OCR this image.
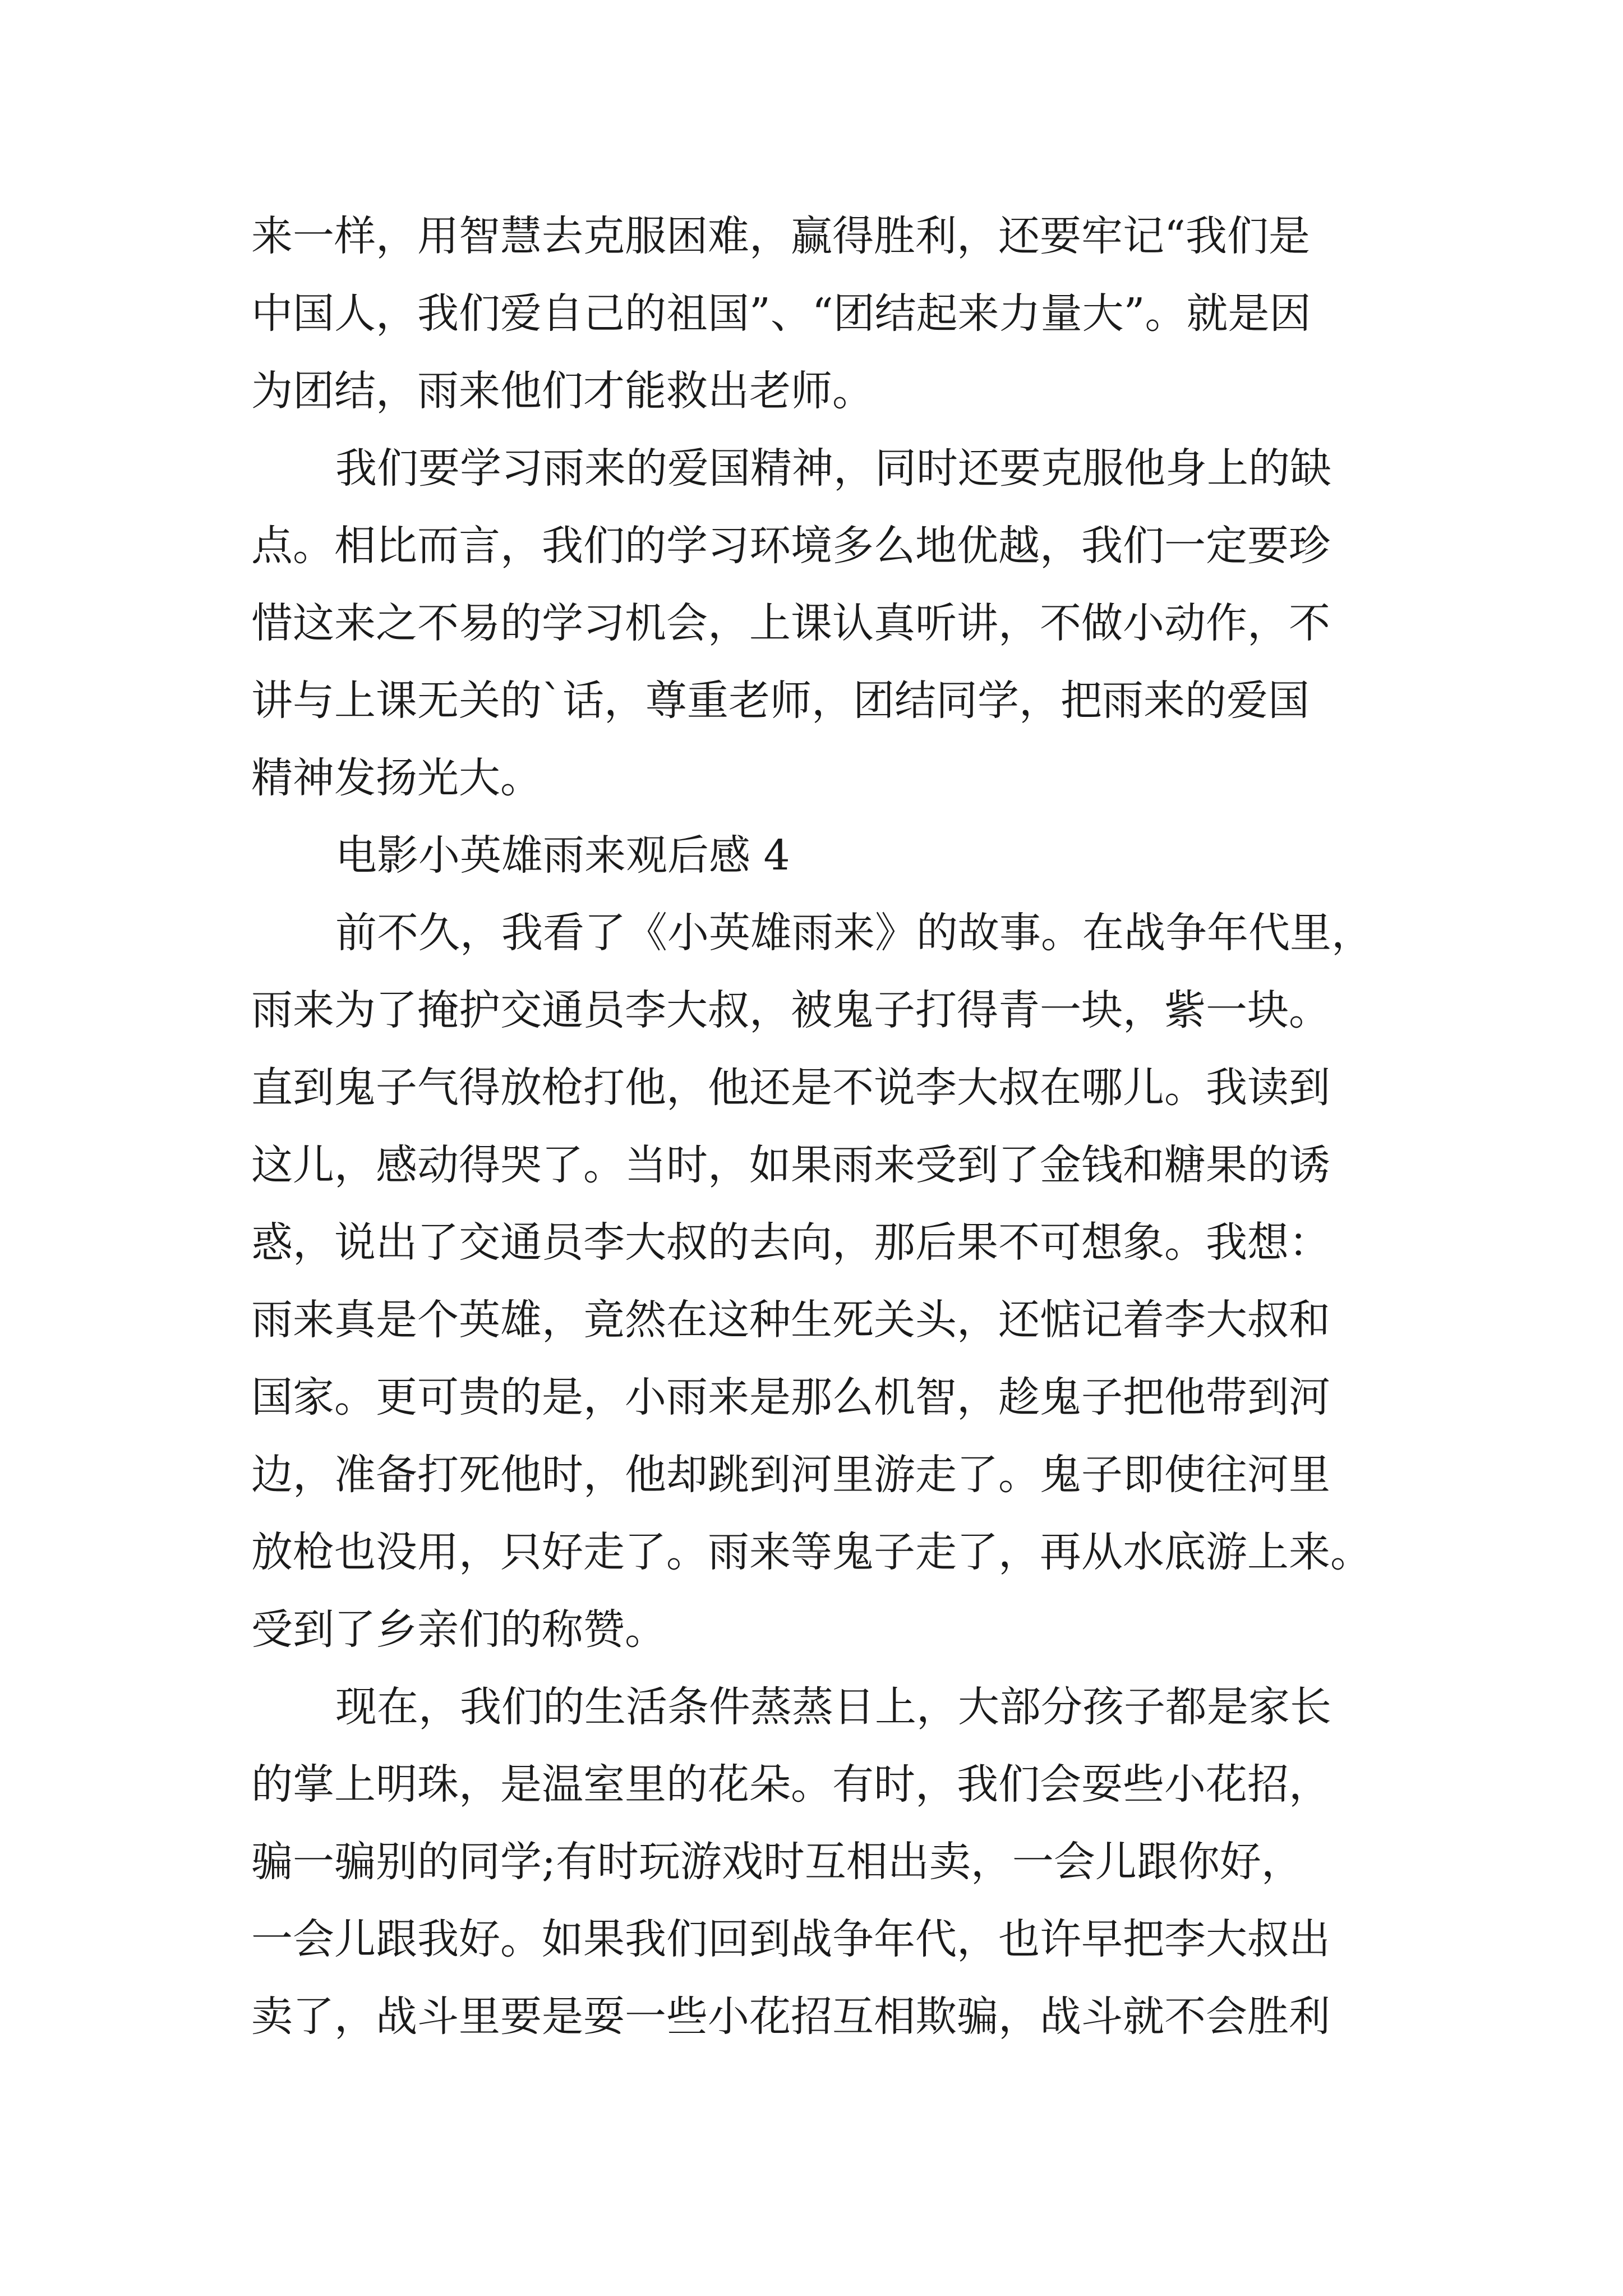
来一样，用智慧去克服困难，赢得胜利，还要牢记“我们是
中国人，我们爱自己的祖国”、“团结起来力量大”。就是因
为团结，雨来他们才能救出老师。
我们要学习雨来的爱国精神，同时还要克服他身上的缺
点。相比而言，我们的学习环境多么地优越，我们一定要珍
惜这来之不易的学习机会，上课认真听讲，不做小动作，不
讲与上课无关的`话，尊重老师，团结同学，把雨来的爱国
精神发扬光大。
电影小英雄雨来观后感 4
前不久，我看了《小英雄雨来》的故事。在战争年代里，
雨来为了掩护交通员李大叔，被鬼子打得青一块，紫一块。
直到鬼子气得放枪打他，他还是不说李大叔在哪儿。我读到
这儿，感动得哭了。当时，如果雨来受到了金钱和糖果的诱
惑，说出了交通员李大叔的去向，那后果不可想象。我想：
雨来真是个英雄，竟然在这种生死关头，还惦记着李大叔和
国家。更可贵的是，小雨来是那么机智，趁鬼子把他带到河
边，准备打死他时，他却跳到河里游走了。鬼子即使往河里
放枪也没用，只好走了。雨来等鬼子走了，再从水底游上来。
受到了乡亲们的称赞。
现在，我们的生活条件蒸蒸日上，大部分孩子都是家长
的掌上明珠，是温室里的花朵。有时，我们会耍些小花招，
骗一骗别的同学;有时玩游戏时互相出卖，一会儿跟你好，
一会儿跟我好。如果我们回到战争年代，也许早把李大叔出
卖了，战斗里要是耍一些小花招互相欺骗，战斗就不会胜利
